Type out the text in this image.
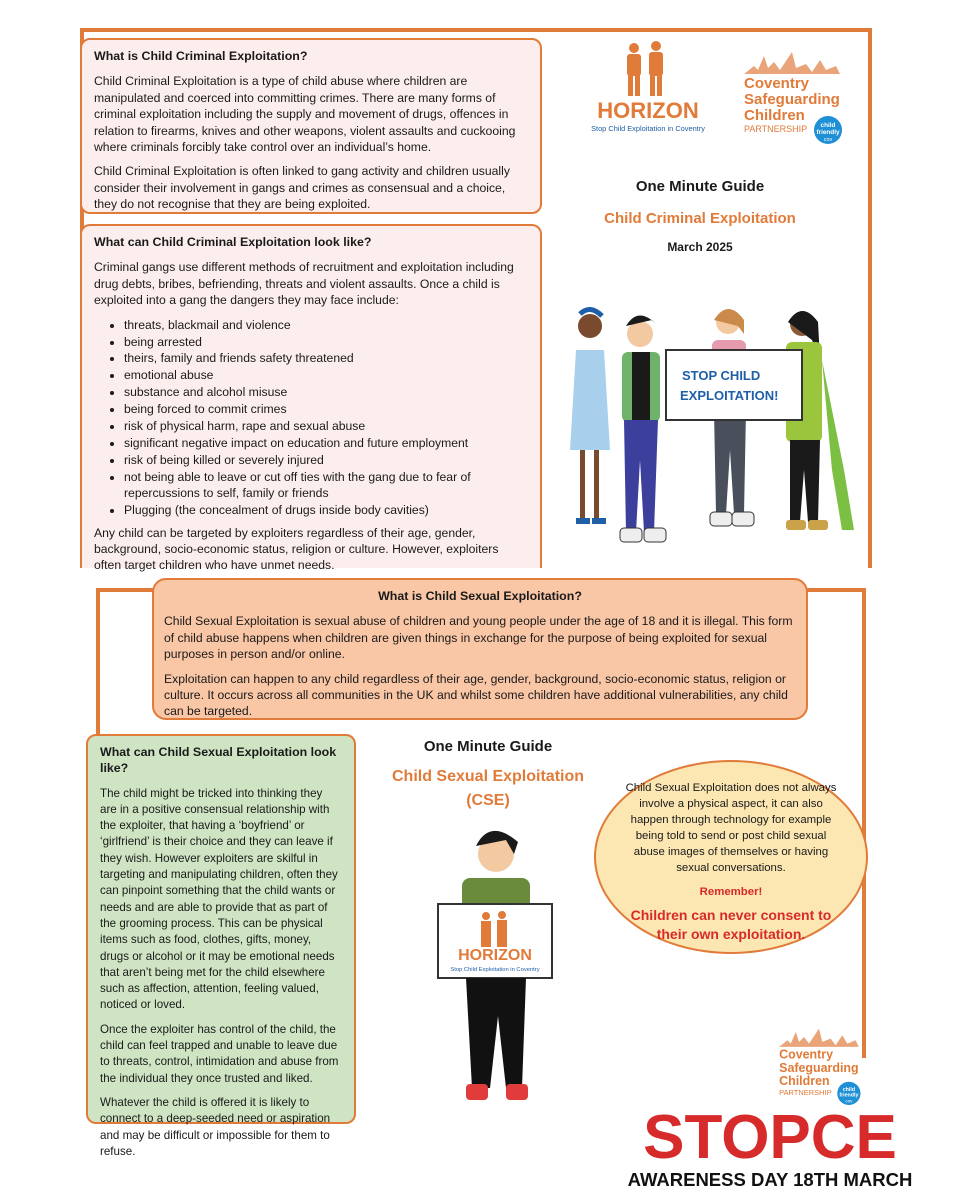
What is Child Criminal Exploitation?

Child Criminal Exploitation is a type of child abuse where children are manipulated and coerced into committing crimes. There are many forms of criminal exploitation including the supply and movement of drugs, offences in relation to firearms, knives and other weapons, violent assaults and cuckooing where criminals forcibly take control over an individual’s home.

Child Criminal Exploitation is often linked to gang activity and children usually consider their involvement in gangs and crimes as consensual and a choice, they do not recognise that they are being exploited.

What can Child Criminal Exploitation look like?

Criminal gangs use different methods of recruitment and exploitation including drug debts, bribes, befriending, threats and violent assaults. Once a child is exploited into a gang the dangers they may face include:

• threats, blackmail and violence
• being arrested
• theirs, family and friends safety threatened
• emotional abuse
• substance and alcohol misuse
• being forced to commit crimes
• risk of physical harm, rape and sexual abuse
• significant negative impact on education and future employment
• risk of being killed or severely injured
• not being able to leave or cut off ties with the gang due to fear of repercussions to self, family or friends
• Plugging (the concealment of drugs inside body cavities)

Any child can be targeted by exploiters regardless of their age, gender, background, socio-economic status, religion or culture. However, exploiters often target children who have unmet needs.

HORIZON
Stop Child Exploitation in Coventry
Coventry
Safeguarding
Children
PARTNERSHIP child
friendly
cov
One Minute Guide
Child Criminal Exploitation
March 2025
STOP CHILD
EXPLOITATION!
What is Child Sexual Exploitation?

Child Sexual Exploitation is sexual abuse of children and young people under the age of 18 and it is illegal. This form of child abuse happens when children are given things in exchange for the purpose of being exploited for sexual purposes in person and/or online.

Exploitation can happen to any child regardless of their age, gender, background, socio-economic status, religion or culture. It occurs across all communities in the UK and whilst some children have additional vulnerabilities, any child can be targeted.

What can Child Sexual Exploitation look like?

The child might be tricked into thinking they are in a positive consensual relationship with the exploiter, that having a ‘boyfriend’ or ‘girlfriend’ is their choice and they can leave if they wish. However exploiters are skilful in targeting and manipulating children, often they can pinpoint something that the child wants or needs and are able to provide that as part of the grooming process. This can be physical items such as food, clothes, gifts, money, drugs or alcohol or it may be emotional needs that aren’t being met for the child elsewhere such as affection, attention, feeling valued, noticed or loved.

Once the exploiter has control of the child, the child can feel trapped and unable to leave due to threats, control, intimidation and abuse from the individual they once trusted and liked.

Whatever the child is offered it is likely to connect to a deep-seeded need or aspiration and may be difficult or impossible for them to refuse.

One Minute Guide
Child Sexual Exploitation
(CSE)

Child Sexual Exploitation does not always involve a physical aspect, it can also happen through technology for example being told to send or post child sexual abuse images of themselves or having sexual conversations.

Remember!

Children can never consent to their own exploitation.

HORIZON
Stop Child Exploitation in Coventry
Coventry
Safeguarding
Children
PARTNERSHIP child
friendly
cov
STOPCE
AWARENESS DAY 18TH MARCH
